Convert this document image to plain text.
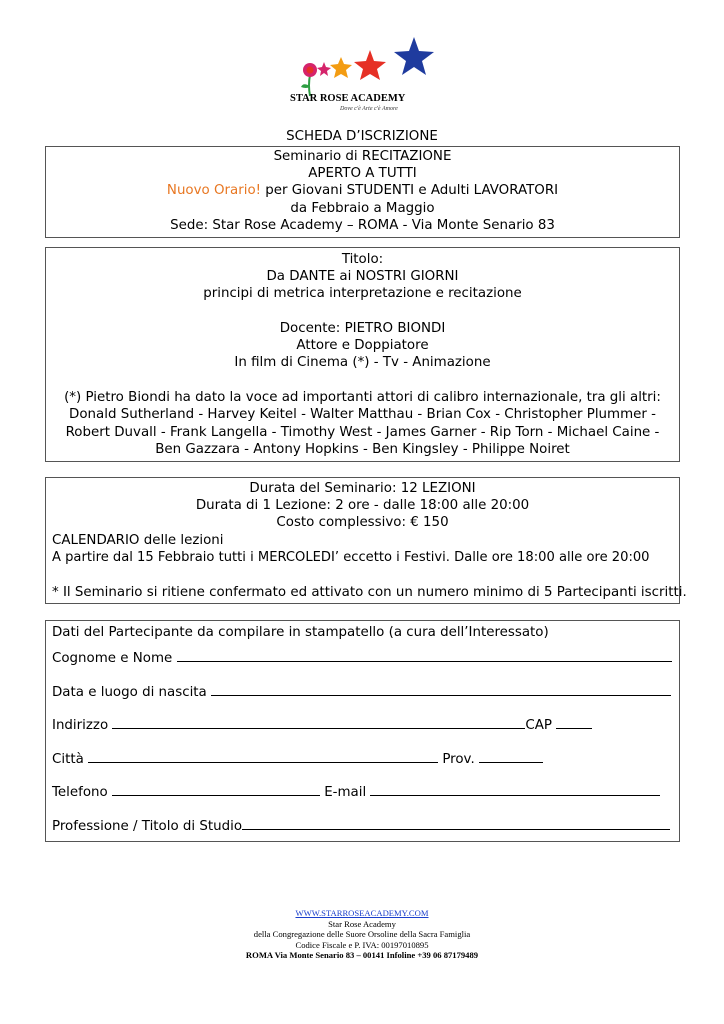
STAR ROSE ACADEMY
Dove c'è Arte c'è Amore
SCHEDA D’ISCRIZIONE
Seminario di RECITAZIONE
APERTO A TUTTI
Nuovo Orario! per Giovani STUDENTI e Adulti LAVORATORI
da Febbraio a Maggio
Sede: Star Rose Academy – ROMA - Via Monte Senario 83
Titolo:
Da DANTE ai NOSTRI GIORNI
principi di metrica interpretazione e recitazione
Docente: PIETRO BIONDI
Attore e Doppiatore
In film di Cinema (*) - Tv - Animazione
(*) Pietro Biondi ha dato la voce ad importanti attori di calibro internazionale, tra gli altri:
Donald Sutherland - Harvey Keitel - Walter Matthau - Brian Cox - Christopher Plummer -
Robert Duvall - Frank Langella - Timothy West - James Garner - Rip Torn - Michael Caine -
Ben Gazzara - Antony Hopkins - Ben Kingsley - Philippe Noiret
Durata del Seminario: 12 LEZIONI
Durata di 1 Lezione: 2 ore - dalle 18:00 alle 20:00
Costo complessivo: € 150
CALENDARIO delle lezioni
A partire dal 15 Febbraio tutti i MERCOLEDI’ eccetto i Festivi. Dalle ore 18:00 alle ore 20:00
* Il Seminario si ritiene confermato ed attivato con un numero minimo di 5 Partecipanti iscritti.
Dati del Partecipante da compilare in stampatello (a cura dell’Interessato)
Cognome e Nome
Data e luogo di nascita
Indirizzo	CAP
Città	Prov.
Telefono	E-mail
Professione / Titolo di Studio
WWW.STARROSEACADEMY.COM
Star Rose Academy
della Congregazione delle Suore Orsoline della Sacra Famiglia
Codice Fiscale e P. IVA: 00197010895
ROMA Via Monte Senario 83 – 00141 Infoline +39 06 87179489
